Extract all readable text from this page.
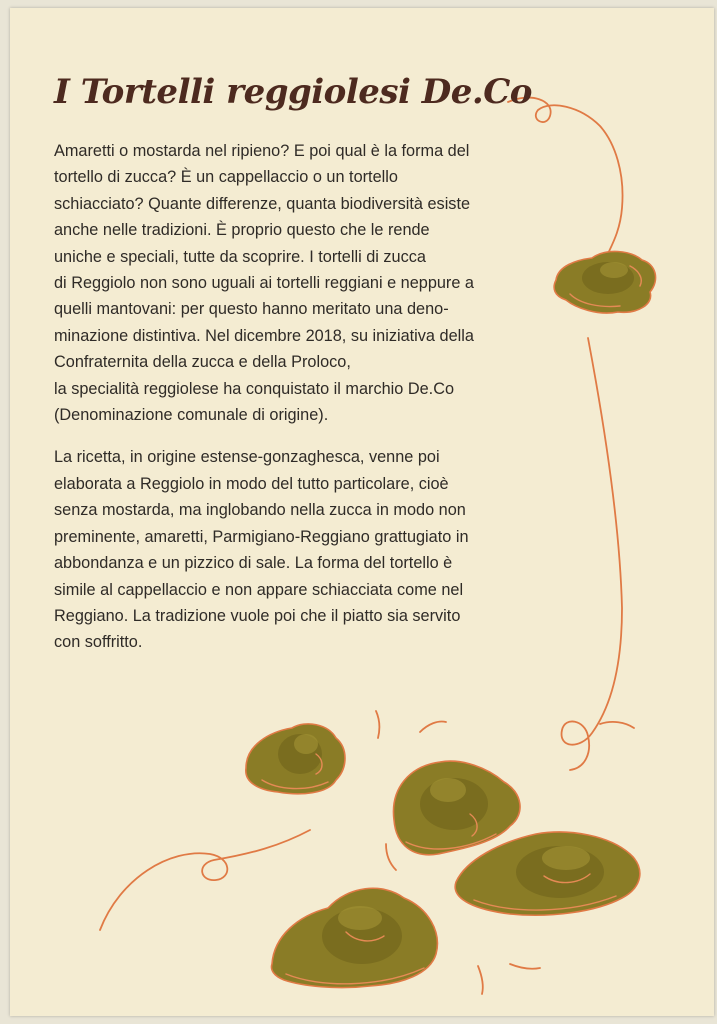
I Tortelli reggiolesi De.Co

Amaretti o mostarda nel ripieno? E poi qual è la forma del
tortello di zucca? È un cappellaccio o un tortello
schiacciato? Quante differenze, quanta biodiversità esiste
anche nelle tradizioni. È proprio questo che le rende
uniche e speciali, tutte da scoprire. I tortelli di zucca
di Reggiolo non sono uguali ai tortelli reggiani e neppure a
quelli mantovani: per questo hanno meritato una deno-
minazione distintiva. Nel dicembre 2018, su iniziativa della
Confraternita della zucca e della Proloco,
la specialità reggiolese ha conquistato il marchio De.Co
(Denominazione comunale di origine).

La ricetta, in origine estense-gonzaghesca, venne poi
elaborata a Reggiolo in modo del tutto particolare, cioè
senza mostarda, ma inglobando nella zucca in modo non
preminente, amaretti, Parmigiano-Reggiano grattugiato in
abbondanza e un pizzico di sale. La forma del tortello è
simile al cappellaccio e non appare schiacciata come nel
Reggiano. La tradizione vuole poi che il piatto sia servito
con soffritto.
